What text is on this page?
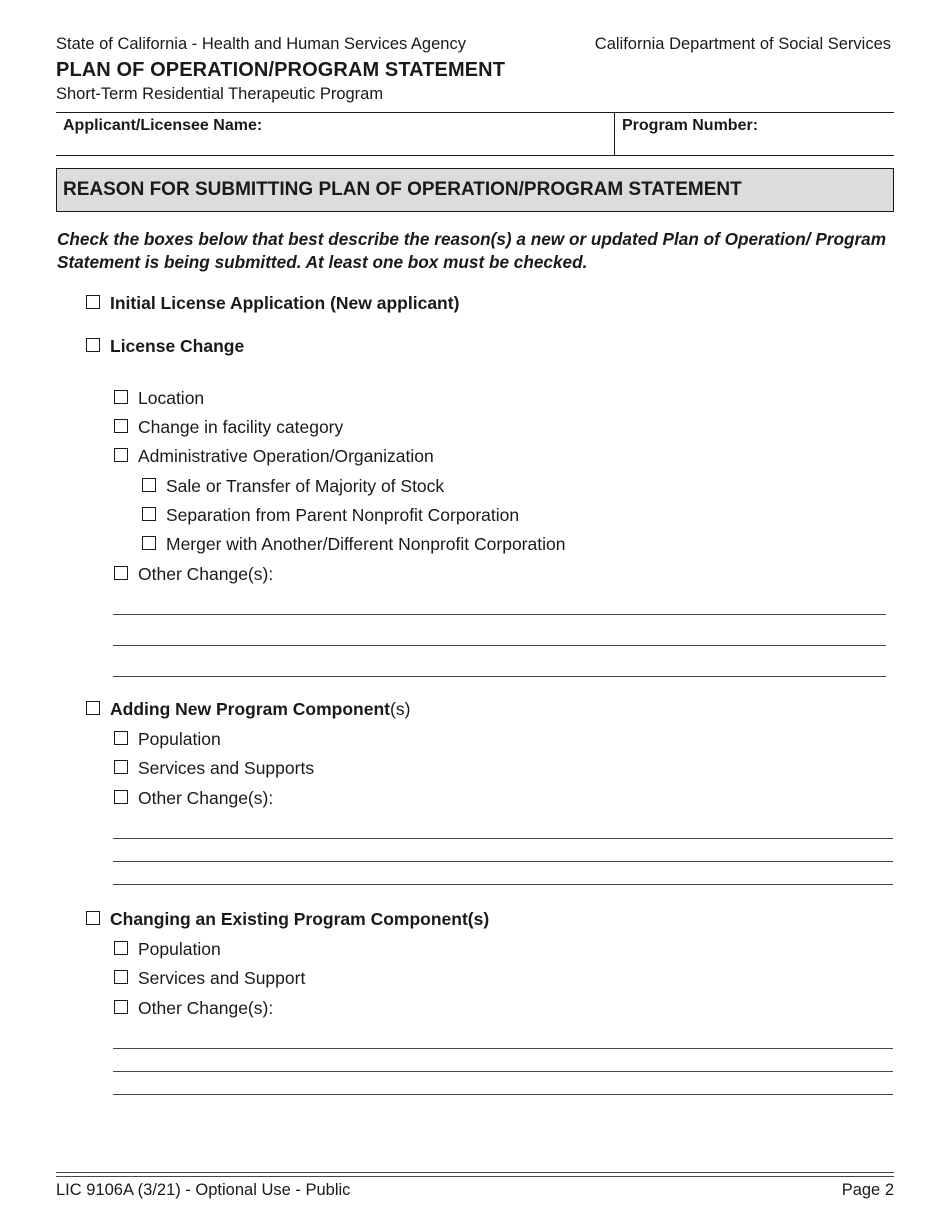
State of California - Health and Human Services Agency	California Department of Social Services
PLAN OF OPERATION/PROGRAM STATEMENT
Short-Term Residential Therapeutic Program
Applicant/Licensee Name:	Program Number:
REASON FOR SUBMITTING PLAN OF OPERATION/PROGRAM STATEMENT
Check the boxes below that best describe the reason(s) a new or updated Plan of Operation/ Program Statement is being submitted. At least one box must be checked.
Initial License Application (New applicant)
License Change
Location
Change in facility category
Administrative Operation/Organization
Sale or Transfer of Majority of Stock
Separation from Parent Nonprofit Corporation
Merger with Another/Different Nonprofit Corporation
Other Change(s):
Adding New Program Component (s)
Population
Services and Supports
Other Change(s):
Changing an Existing Program Component(s)
Population
Services and Support
Other Change(s):
LIC 9106A (3/21) - Optional Use - Public	Page 2
